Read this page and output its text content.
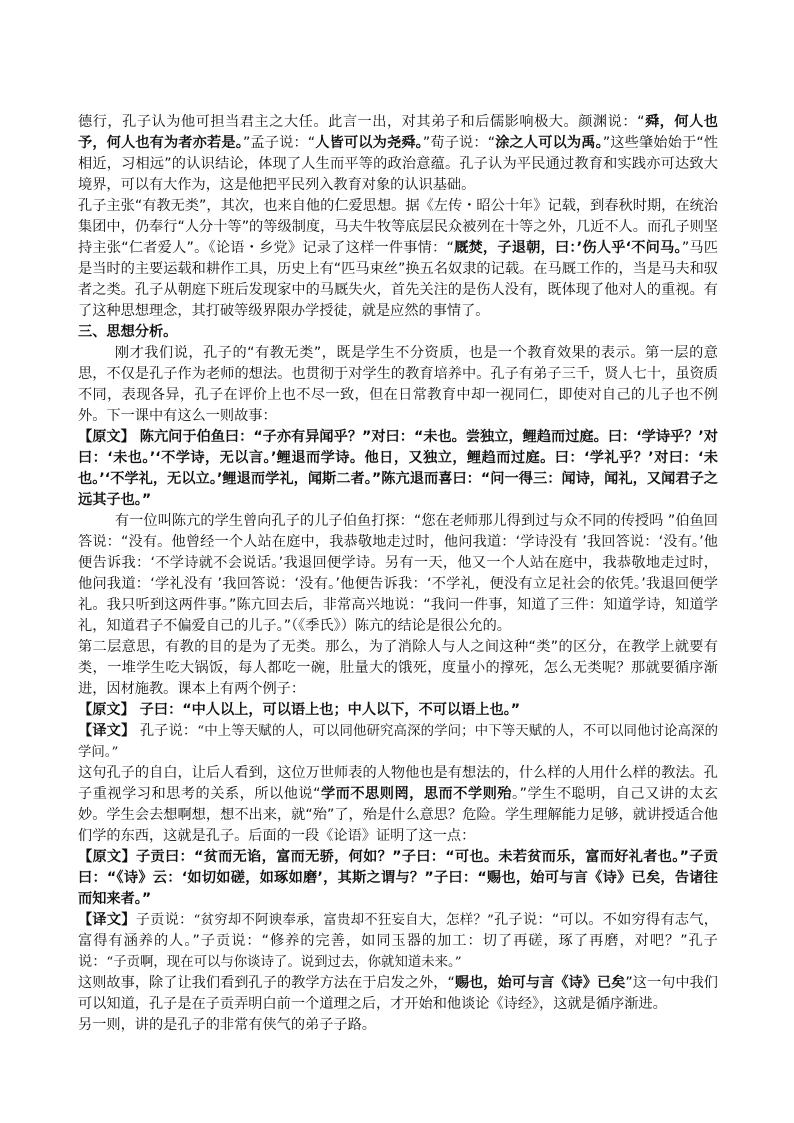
德行，孔子认为他可担当君主之大任。此言一出，对其弟子和后儒影响极大。颜渊说：“舜，何人也予，何人也有为者亦若是。”孟子说：“人皆可以为尧舜。”荀子说：“涂之人可以为禹。”这些肇始始于“性相近，习相远”的认识结论，体现了人生而平等的政治意蕴。孔子认为平民通过教育和实践亦可达致大境界，可以有大作为，这是他把平民列入教育对象的认识基础。

孔子主张“有教无类”，其次，也来自他的仁爱思想。据《左传・昭公十年》记载，到春秋时期，在统治集团中，仍奉行“人分十等”的等级制度，马夫牛牧等底层民众被列在十等之外，几近不人。而孔子则坚持主张“仁者爱人”。《论语・乡党》记录了这样一件事情：“厩焚，子退朝，曰：’伤人乎‘不问马。”马匹是当时的主要运载和耕作工具，历史上有“匹马束丝”换五名奴隶的记载。在马厩工作的，当是马夫和驭者之类。孔子从朝庭下班后发现家中的马厩失火，首先关注的是伤人没有，既体现了他对人的重视。有了这种思想理念，其打破等级界限办学授徒，就是应然的事情了。

三、思想分析。

刚才我们说，孔子的“有教无类”，既是学生不分资质，也是一个教育效果的表示。第一层的意思，不仅是孔子作为老师的想法。也贯彻于对学生的教育培养中。孔子有弟子三千，贤人七十，虽资质不同，表现各异，孔子在评价上也不尽一致，但在日常教育中却一视同仁，即使对自己的儿子也不例外。下一课中有这么一则故事：

【原文】 陈亢问于伯鱼曰：“子亦有异闻乎？”对曰：“未也。尝独立，鲤趋而过庭。曰：‘学诗乎？’对曰：‘未也。’‘不学诗，无以言。’鲤退而学诗。他日，又独立，鲤趋而过庭。曰：‘学礼乎？’对曰：‘未也。’‘不学礼，无以立。’鲤退而学礼，闻斯二者。”陈亢退而喜曰：“问一得三：闻诗，闻礼，又闻君子之远其子也。”

有一位叫陈亢的学生曾向孔子的儿子伯鱼打探：“您在老师那儿得到过与众不同的传授吗 ”伯鱼回答说：“没有。他曾经一个人站在庭中，我恭敬地走过时，他问我道：‘学诗没有 ’我回答说：‘没有。’他便告诉我：‘不学诗就不会说话。’我退回便学诗。另有一天，他又一个人站在庭中，我恭敬地走过时，他问我道：‘学礼没有 ’我回答说：‘没有。’他便告诉我：‘不学礼，便没有立足社会的依凭。’我退回便学礼。我只听到这两件事。”陈亢回去后，非常高兴地说：“我问一件事，知道了三件：知道学诗，知道学礼，知道君子不偏爱自己的儿子。”（《季氏》）陈亢的结论是很公允的。

第二层意思，有教的目的是为了无类。那么，为了消除人与人之间这种“类”的区分，在教学上就要有类，一堆学生吃大锅饭，每人都吃一碗，肚量大的饿死，度量小的撑死，怎么无类呢？那就要循序渐进，因材施教。课本上有两个例子：

【原文】 子曰：“中人以上，可以语上也；中人以下，不可以语上也。”

【译文】 孔子说：“中上等天赋的人，可以同他研究高深的学问；中下等天赋的人，不可以同他讨论高深的学问。”

这句孔子的自白，让后人看到，这位万世师表的人物他也是有想法的，什么样的人用什么样的教法。孔子重视学习和思考的关系，所以他说“学而不思则罔，思而不学则殆。”学生不聪明，自己又讲的太玄妙。学生会去想啊想，想不出来，就“殆”了，殆是什么意思？危险。学生理解能力足够，就讲授适合他们学的东西，这就是孔子。后面的一段《论语》证明了这一点：

【原文】子贡曰：“贫而无谄，富而无骄，何如？”子曰：“可也。未若贫而乐，富而好礼者也。”子贡曰：“《诗》云：‘如切如磋，如琢如磨’，其斯之谓与？”子曰：“赐也，始可与言《诗》已矣，告诸往而知来者。”

【译文】子贡说：“贫穷却不阿谀奉承，富贵却不狂妄自大，怎样？”孔子说：“可以。不如穷得有志气，富得有涵养的人。”子贡说：“修养的完善，如同玉器的加工：切了再磋，琢了再磨，对吧？”孔子说：“子贡啊，现在可以与你谈诗了。说到过去，你就知道未来。”

这则故事，除了让我们看到孔子的教学方法在于启发之外，“赐也，始可与言《诗》已矣”这一句中我们可以知道，孔子是在子贡弄明白前一个道理之后，才开始和他谈论《诗经》，这就是循序渐进。

另一则，讲的是孔子的非常有侠气的弟子子路。
